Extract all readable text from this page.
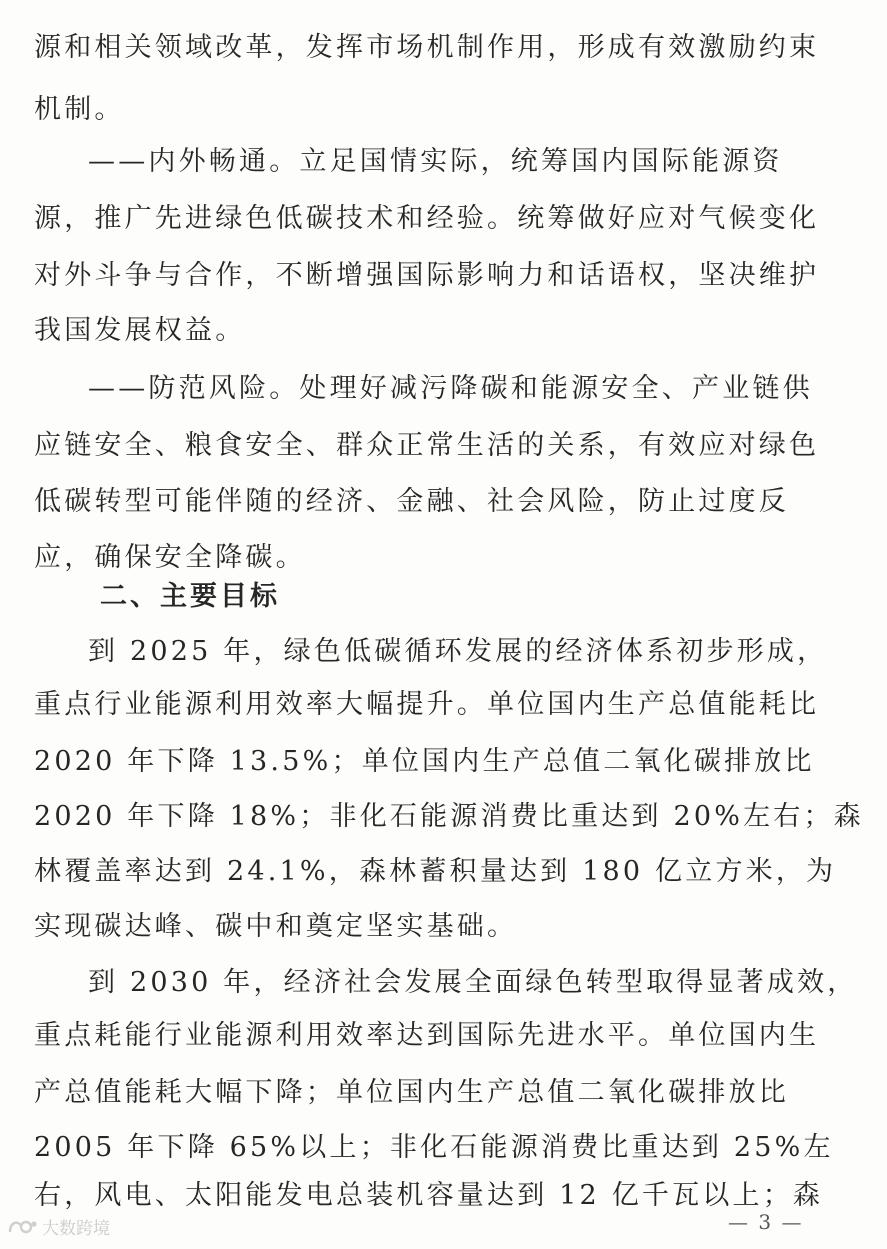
源和相关领域改革，发挥市场机制作用，形成有效激励约束
机制。
——内外畅通。立足国情实际，统筹国内国际能源资
源，推广先进绿色低碳技术和经验。统筹做好应对气候变化
对外斗争与合作，不断增强国际影响力和话语权，坚决维护
我国发展权益。
——防范风险。处理好减污降碳和能源安全、产业链供
应链安全、粮食安全、群众正常生活的关系，有效应对绿色
低碳转型可能伴随的经济、金融、社会风险，防止过度反
应，确保安全降碳。
二、主要目标
到 2025 年，绿色低碳循环发展的经济体系初步形成，
重点行业能源利用效率大幅提升。单位国内生产总值能耗比
2020 年下降 13.5%；单位国内生产总值二氧化碳排放比
2020 年下降 18%；非化石能源消费比重达到 20%左右；森
林覆盖率达到 24.1%，森林蓄积量达到 180 亿立方米，为
实现碳达峰、碳中和奠定坚实基础。
到 2030 年，经济社会发展全面绿色转型取得显著成效，
重点耗能行业能源利用效率达到国际先进水平。单位国内生
产总值能耗大幅下降；单位国内生产总值二氧化碳排放比
2005 年下降 65%以上；非化石能源消费比重达到 25%左
右，风电、太阳能发电总装机容量达到 12 亿千瓦以上；森
大数跨境	— 3 —
